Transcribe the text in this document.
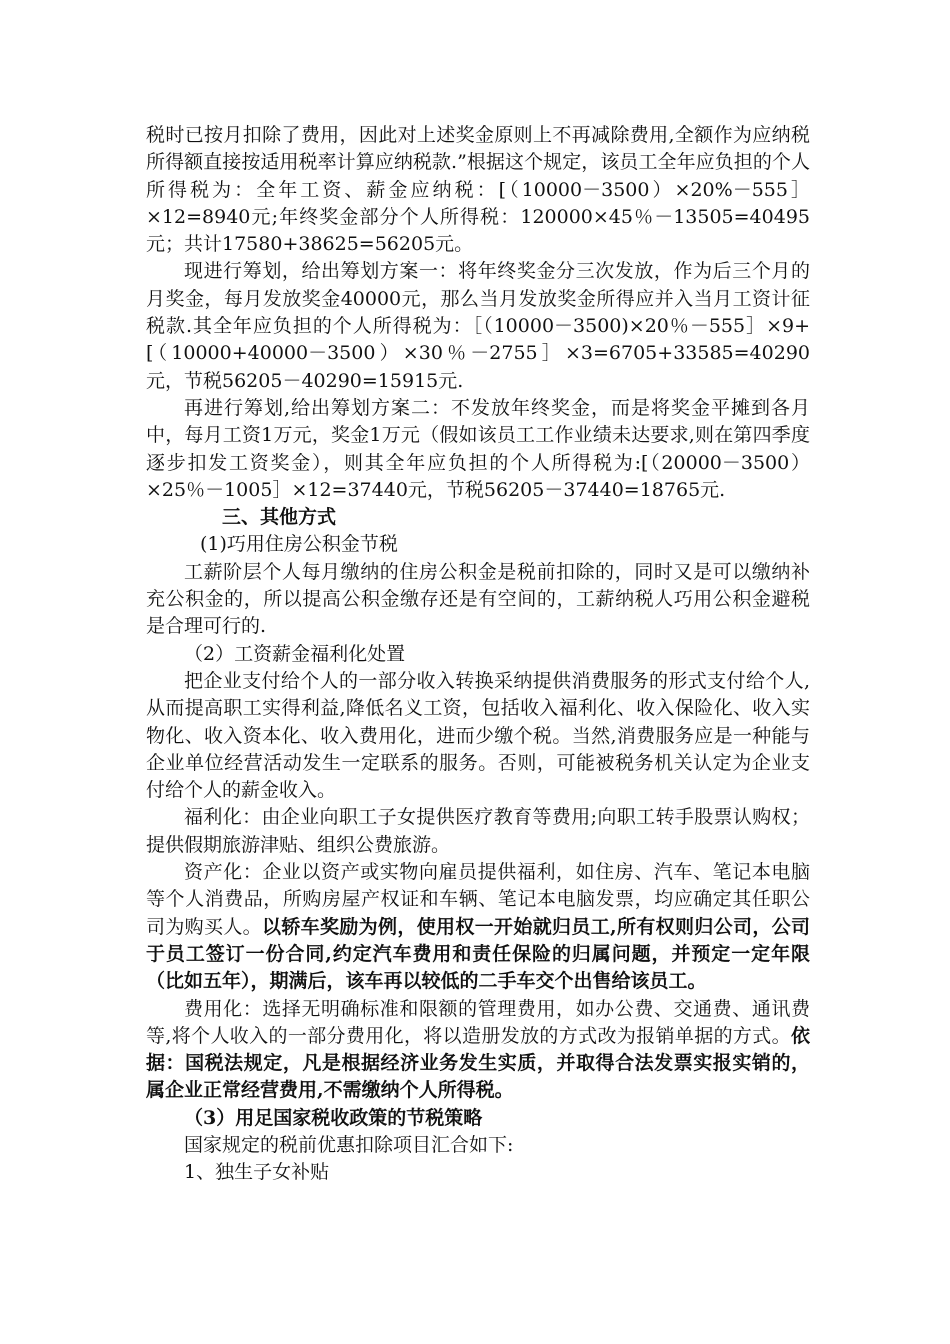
税时已按月扣除了费用，因此对上述奖金原则上不再减除费用,全额作为应纳税所得额直接按适用税率计算应纳税款.”根据这个规定，该员工全年应负担的个人所得税为：全年工资、薪金应纳税：[（10000－3500）×20%－555］×12=8940元;年终奖金部分个人所得税：120000×45％－13505=40495元；共计17580+38625=56205元。

现进行筹划，给出筹划方案一：将年终奖金分三次发放，作为后三个月的月奖金，每月发放奖金40000元，那么当月发放奖金所得应并入当月工资计征税款.其全年应负担的个人所得税为：［（10000－3500)×20％－555］×9+[（10000+40000－3500）×30％－2755］×3=6705+33585=40290元，节税56205－40290=15915元.

再进行筹划,给出筹划方案二：不发放年终奖金，而是将奖金平摊到各月中，每月工资1万元，奖金1万元（假如该员工工作业绩未达要求,则在第四季度逐步扣发工资奖金），则其全年应负担的个人所得税为:[（20000－3500）×25％－1005］×12=37440元，节税56205－37440=18765元.

三、其他方式

(1)巧用住房公积金节税

工薪阶层个人每月缴纳的住房公积金是税前扣除的，同时又是可以缴纳补充公积金的，所以提高公积金缴存还是有空间的，工薪纳税人巧用公积金避税是合理可行的.

（2）工资薪金福利化处置

把企业支付给个人的一部分收入转换采纳提供消费服务的形式支付给个人,从而提高职工实得利益,降低名义工资，包括收入福利化、收入保险化、收入实物化、收入资本化、收入费用化，进而少缴个税。当然,消费服务应是一种能与企业单位经营活动发生一定联系的服务。否则，可能被税务机关认定为企业支付给个人的薪金收入。

福利化：由企业向职工子女提供医疗教育等费用;向职工转手股票认购权；提供假期旅游津贴、组织公费旅游。

资产化：企业以资产或实物向雇员提供福利，如住房、汽车、笔记本电脑等个人消费品，所购房屋产权证和车辆、笔记本电脑发票，均应确定其任职公司为购买人。以轿车奖励为例，使用权一开始就归员工,所有权则归公司，公司于员工签订一份合同,约定汽车费用和责任保险的归属问题，并预定一定年限（比如五年），期满后，该车再以较低的二手车交个出售给该员工。

费用化：选择无明确标准和限额的管理费用，如办公费、交通费、通讯费等,将个人收入的一部分费用化，将以造册发放的方式改为报销单据的方式。依据：国税法规定，凡是根据经济业务发生实质，并取得合法发票实报实销的，属企业正常经营费用,不需缴纳个人所得税。

（3）用足国家税收政策的节税策略

国家规定的税前优惠扣除项目汇合如下:

1、独生子女补贴
